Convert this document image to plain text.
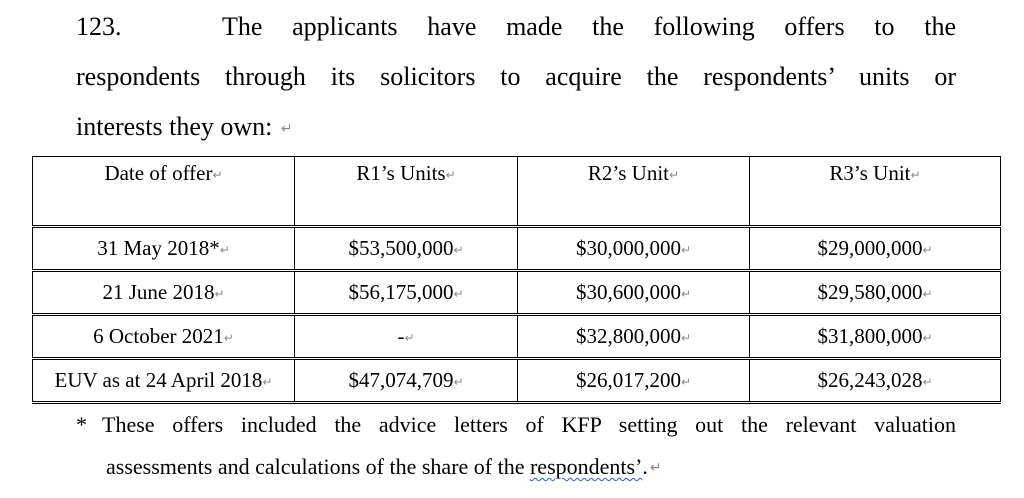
123.	The applicants have made the following offers to the
respondents through its solicitors to acquire the respondents’ units or
interests they own: ↵
Date of offer↵	R1’s Units↵	R2’s Unit↵	R3’s Unit↵
31 May 2018*↵	$53,500,000↵	$30,000,000↵	$29,000,000↵
21 June 2018↵	$56,175,000↵	$30,600,000↵	$29,580,000↵
6 October 2021↵	-↵	$32,800,000↵	$31,800,000↵
EUV as at 24 April 2018↵	$47,074,709↵	$26,017,200↵	$26,243,028↵
* These offers included the advice letters of KFP setting out the relevant valuation
assessments and calculations of the share of the respondents’. ↵
